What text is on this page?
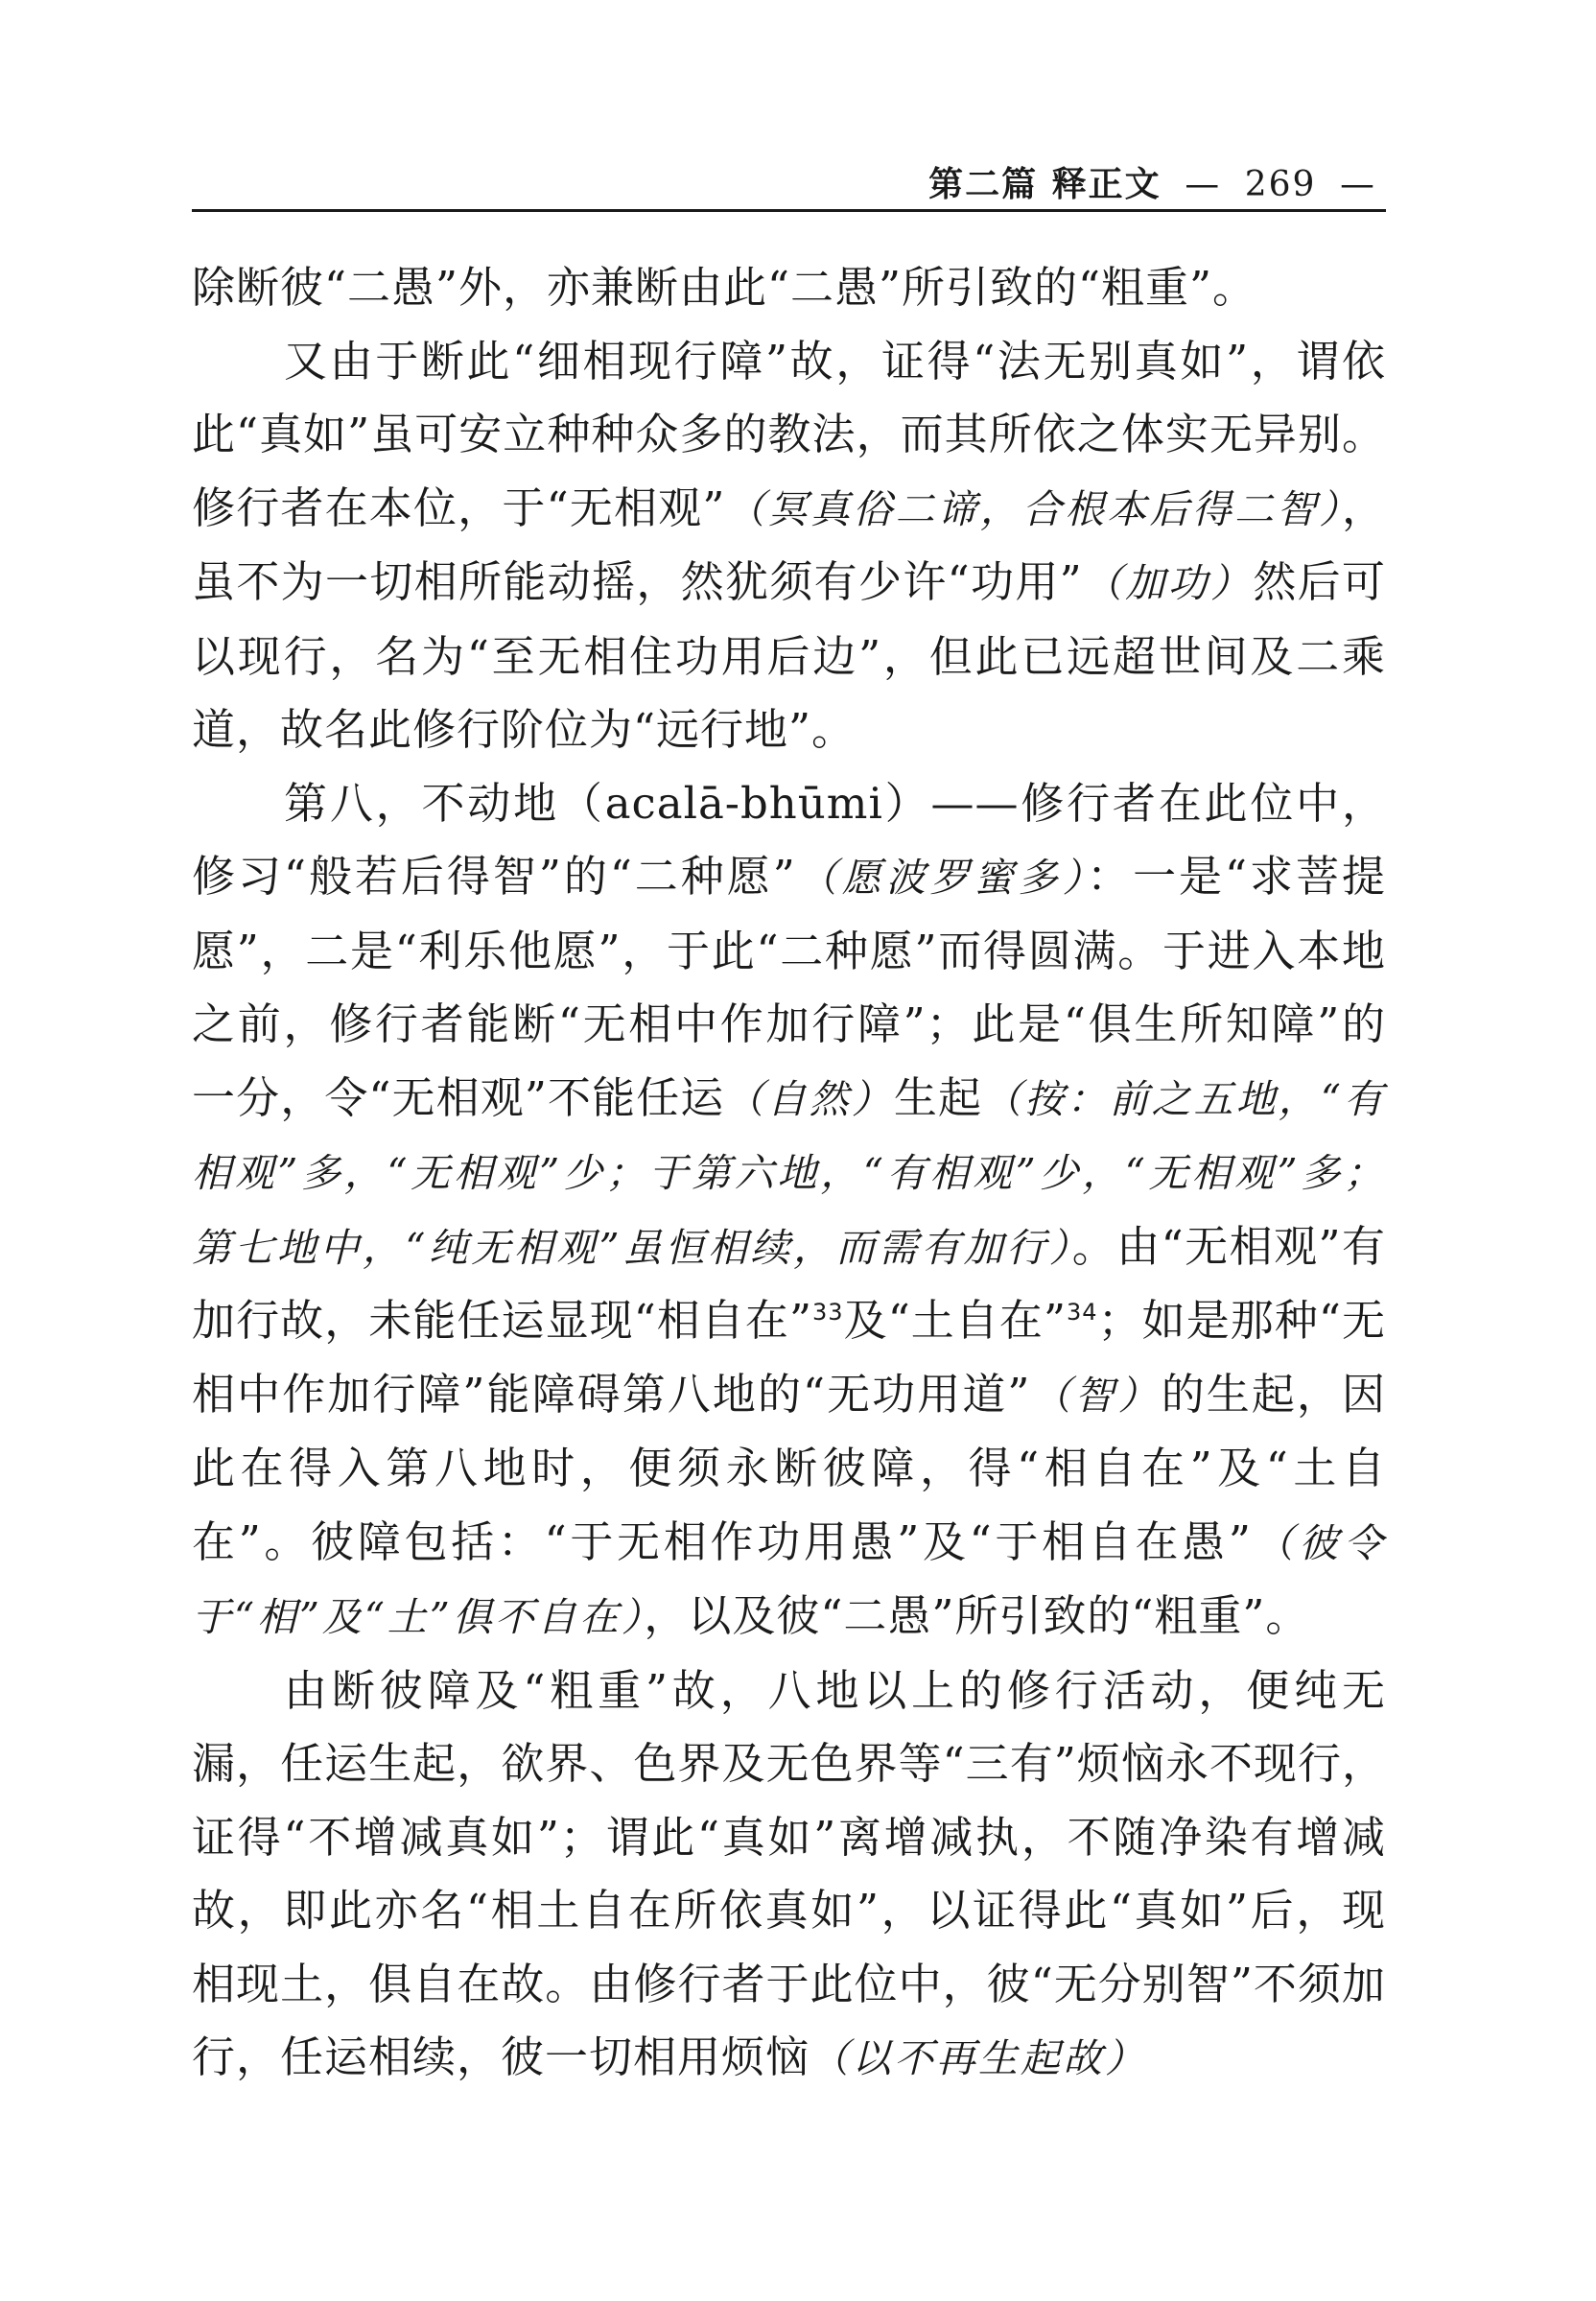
第二篇 释正文 — 269 —

除断彼“二愚”外，亦兼断由此“二愚”所引致的“粗重”。

又由于断此“细相现行障”故，证得“法无别真如”，谓依此“真如”虽可安立种种众多的教法，而其所依之体实无异别。修行者在本位，于“无相观”（冥真俗二谛，合根本后得二智），虽不为一切相所能动摇，然犹须有少许“功用”（加功）然后可以现行，名为“至无相住功用后边”，但此已远超世间及二乘道，故名此修行阶位为“远行地”。

第八，不动地（acalā-bhūmi）——修行者在此位中，修习“般若后得智”的“二种愿”（愿波罗蜜多）：一是“求菩提愿”，二是“利乐他愿”，于此“二种愿”而得圆满。于进入本地之前，修行者能断“无相中作加行障”；此是“俱生所知障”的一分，令“无相观”不能任运（自然）生起（按：前之五地，“有相观”多，“无相观”少；于第六地，“有相观”少，“无相观”多；第七地中，“纯无相观”虽恒相续，而需有加行）。由“无相观”有加行故，未能任运显现“相自在”$^{33}$及“土自在”$^{34}$；如是那种“无相中作加行障”能障碍第八地的“无功用道”（智）的生起，因此在得入第八地时，便须永断彼障，得“相自在”及“土自在”。彼障包括：“于无相作功用愚”及“于相自在愚”（彼令于“相”及“土”俱不自在），以及彼“二愚”所引致的“粗重”。

由断彼障及“粗重”故，八地以上的修行活动，便纯无漏，任运生起，欲界、色界及无色界等“三有”烦恼永不现行，证得“不增减真如”；谓此“真如”离增减执，不随净染有增减故，即此亦名“相土自在所依真如”，以证得此“真如”后，现相现土，俱自在故。由修行者于此位中，彼“无分别智”不须加行，任运相续，彼一切相用烦恼（以不再生起故）
